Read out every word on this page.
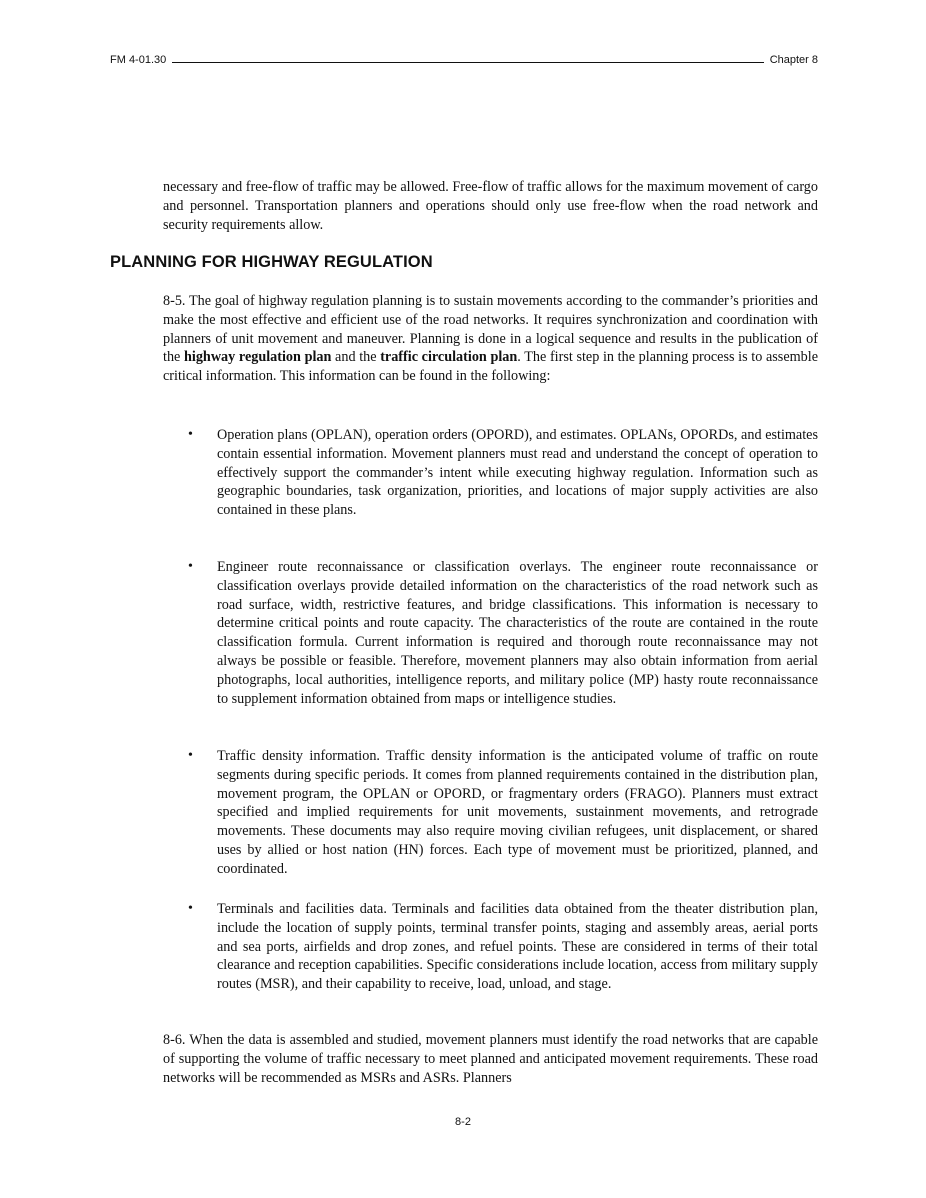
FM 4-01.30	Chapter 8

necessary and free-flow of traffic may be allowed. Free-flow of traffic allows for the maximum movement of cargo and personnel. Transportation planners and operations should only use free-flow when the road network and security requirements allow.

PLANNING FOR HIGHWAY REGULATION

8-5. The goal of highway regulation planning is to sustain movements according to the commander’s priorities and make the most effective and efficient use of the road networks. It requires synchronization and coordination with planners of unit movement and maneuver. Planning is done in a logical sequence and results in the publication of the highway regulation plan and the traffic circulation plan. The first step in the planning process is to assemble critical information. This information can be found in the following:

•	Operation plans (OPLAN), operation orders (OPORD), and estimates. OPLANs, OPORDs, and estimates contain essential information. Movement planners must read and understand the concept of operation to effectively support the commander’s intent while executing highway regulation. Information such as geographic boundaries, task organization, priorities, and locations of major supply activities are also contained in these plans.

•	Engineer route reconnaissance or classification overlays. The engineer route reconnaissance or classification overlays provide detailed information on the characteristics of the road network such as road surface, width, restrictive features, and bridge classifications. This information is necessary to determine critical points and route capacity. The characteristics of the route are contained in the route classification formula. Current information is required and thorough route reconnaissance may not always be possible or feasible. Therefore, movement planners may also obtain information from aerial photographs, local authorities, intelligence reports, and military police (MP) hasty route reconnaissance to supplement information obtained from maps or intelligence studies.

•	Traffic density information. Traffic density information is the anticipated volume of traffic on route segments during specific periods. It comes from planned requirements contained in the distribution plan, movement program, the OPLAN or OPORD, or fragmentary orders (FRAGO). Planners must extract specified and implied requirements for unit movements, sustainment movements, and retrograde movements. These documents may also require moving civilian refugees, unit displacement, or shared uses by allied or host nation (HN) forces. Each type of movement must be prioritized, planned, and coordinated.

•	Terminals and facilities data. Terminals and facilities data obtained from the theater distribution plan, include the location of supply points, terminal transfer points, staging and assembly areas, aerial ports and sea ports, airfields and drop zones, and refuel points. These are considered in terms of their total clearance and reception capabilities. Specific considerations include location, access from military supply routes (MSR), and their capability to receive, load, unload, and stage.

8-6. When the data is assembled and studied, movement planners must identify the road networks that are capable of supporting the volume of traffic necessary to meet planned and anticipated movement requirements. These road networks will be recommended as MSRs and ASRs. Planners

8-2
